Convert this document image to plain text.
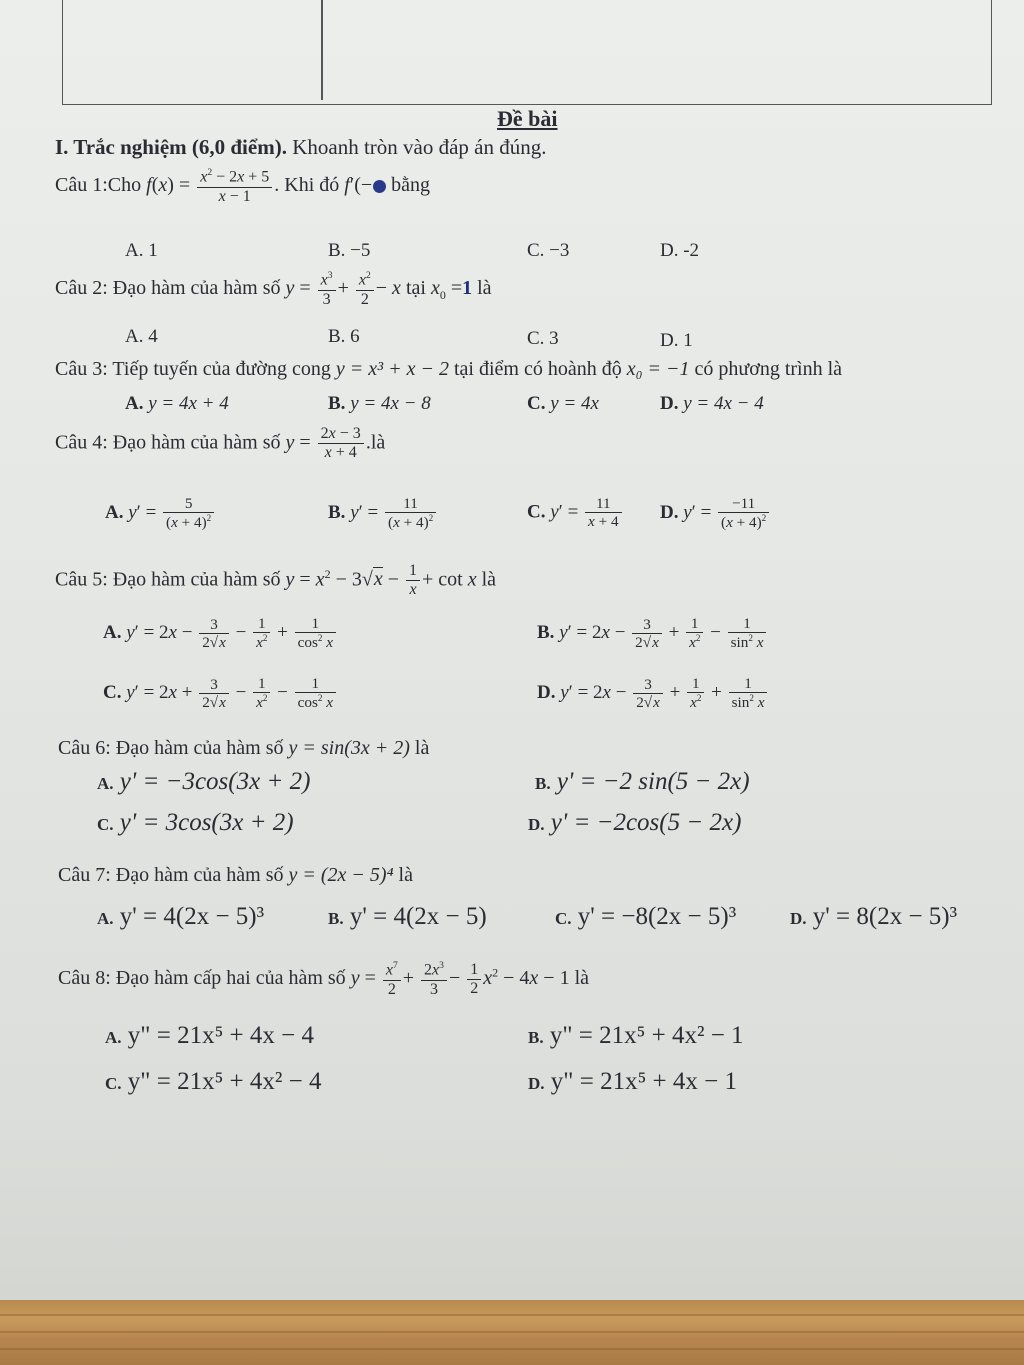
Đề bài
I. Trắc nghiệm (6,0 điểm). Khoanh tròn vào đáp án đúng.
Câu 1:Cho $f(x) = \frac{x^2 - 2x + 5}{x - 1}$ . Khi đó f′(− bằng
A. 1	B. −5	C. −3	D. -2
Câu 2: Đạo hàm của hàm số $y = \frac{x^3}{3} + \frac{x^2}{2} - x$ tại $x_0 =1$ là
A. 4	B. 6	C. 3	D. 1
Câu 3: Tiếp tuyến của đường cong y = x³ + x − 2 tại điểm có hoành độ x₀ = −1 có phương trình là
A. y = 4x + 4	B. y = 4x − 8	C. y = 4x	D. y = 4x − 4
Câu 4: Đạo hàm của hàm số $y = \frac{2x - 3}{x + 4}$ .là
A. $y' = \frac{5}{(x + 4)^2}$	B. $y' = \frac{11}{(x + 4)^2}$	C. $y' = \frac{11}{x + 4} D$. $y' = \frac{-11}{(x + 4)^2}$
Câu 5: Đạo hàm của hàm số $y = x^2 - 3√x - \frac{1}{x} + \cot x$ là
A. $y' = 2x - \frac{3}{2√x} - \frac{1}{x^2} + \frac{1}{\cos^2 x}$	B. $y' = 2x - \frac{3}{2√x} + \frac{1}{x^2} - \frac{1}{\sin^2 x}$
C. $y' = 2x + \frac{3}{2√x} - \frac{1}{x^2} - \frac{1}{\cos^2 x}$	D. $y' = 2x - \frac{3}{2√x} + \frac{1}{x^2} + \frac{1}{\sin^2 x}$
Câu 6: Đạo hàm của hàm số y = sin(3x + 2) là
A. y' = −3cos(3x + 2)	B. y' = −2 sin(5 − 2x)
C. y' = 3cos(3x + 2)	D. y' = −2cos(5 − 2x)
Câu 7: Đạo hàm của hàm số y = (2x − 5)⁴ là
A. y' = 4(2x − 5)³	B. y' = 4(2x − 5)	C. y' = −8(2x − 5)³	D. y' = 8(2x − 5)³
Câu 8: Đạo hàm cấp hai của hàm số $y = \frac{x^7}{2} + \frac{2x^3}{3} - \frac{1}{2} x^2 - 4x - 1$ là
A. y" = 21x⁵ + 4x − 4	B. y" = 21x⁵ + 4x² − 1
C. y" = 21x⁵ + 4x² − 4	D. y" = 21x⁵ + 4x − 1
